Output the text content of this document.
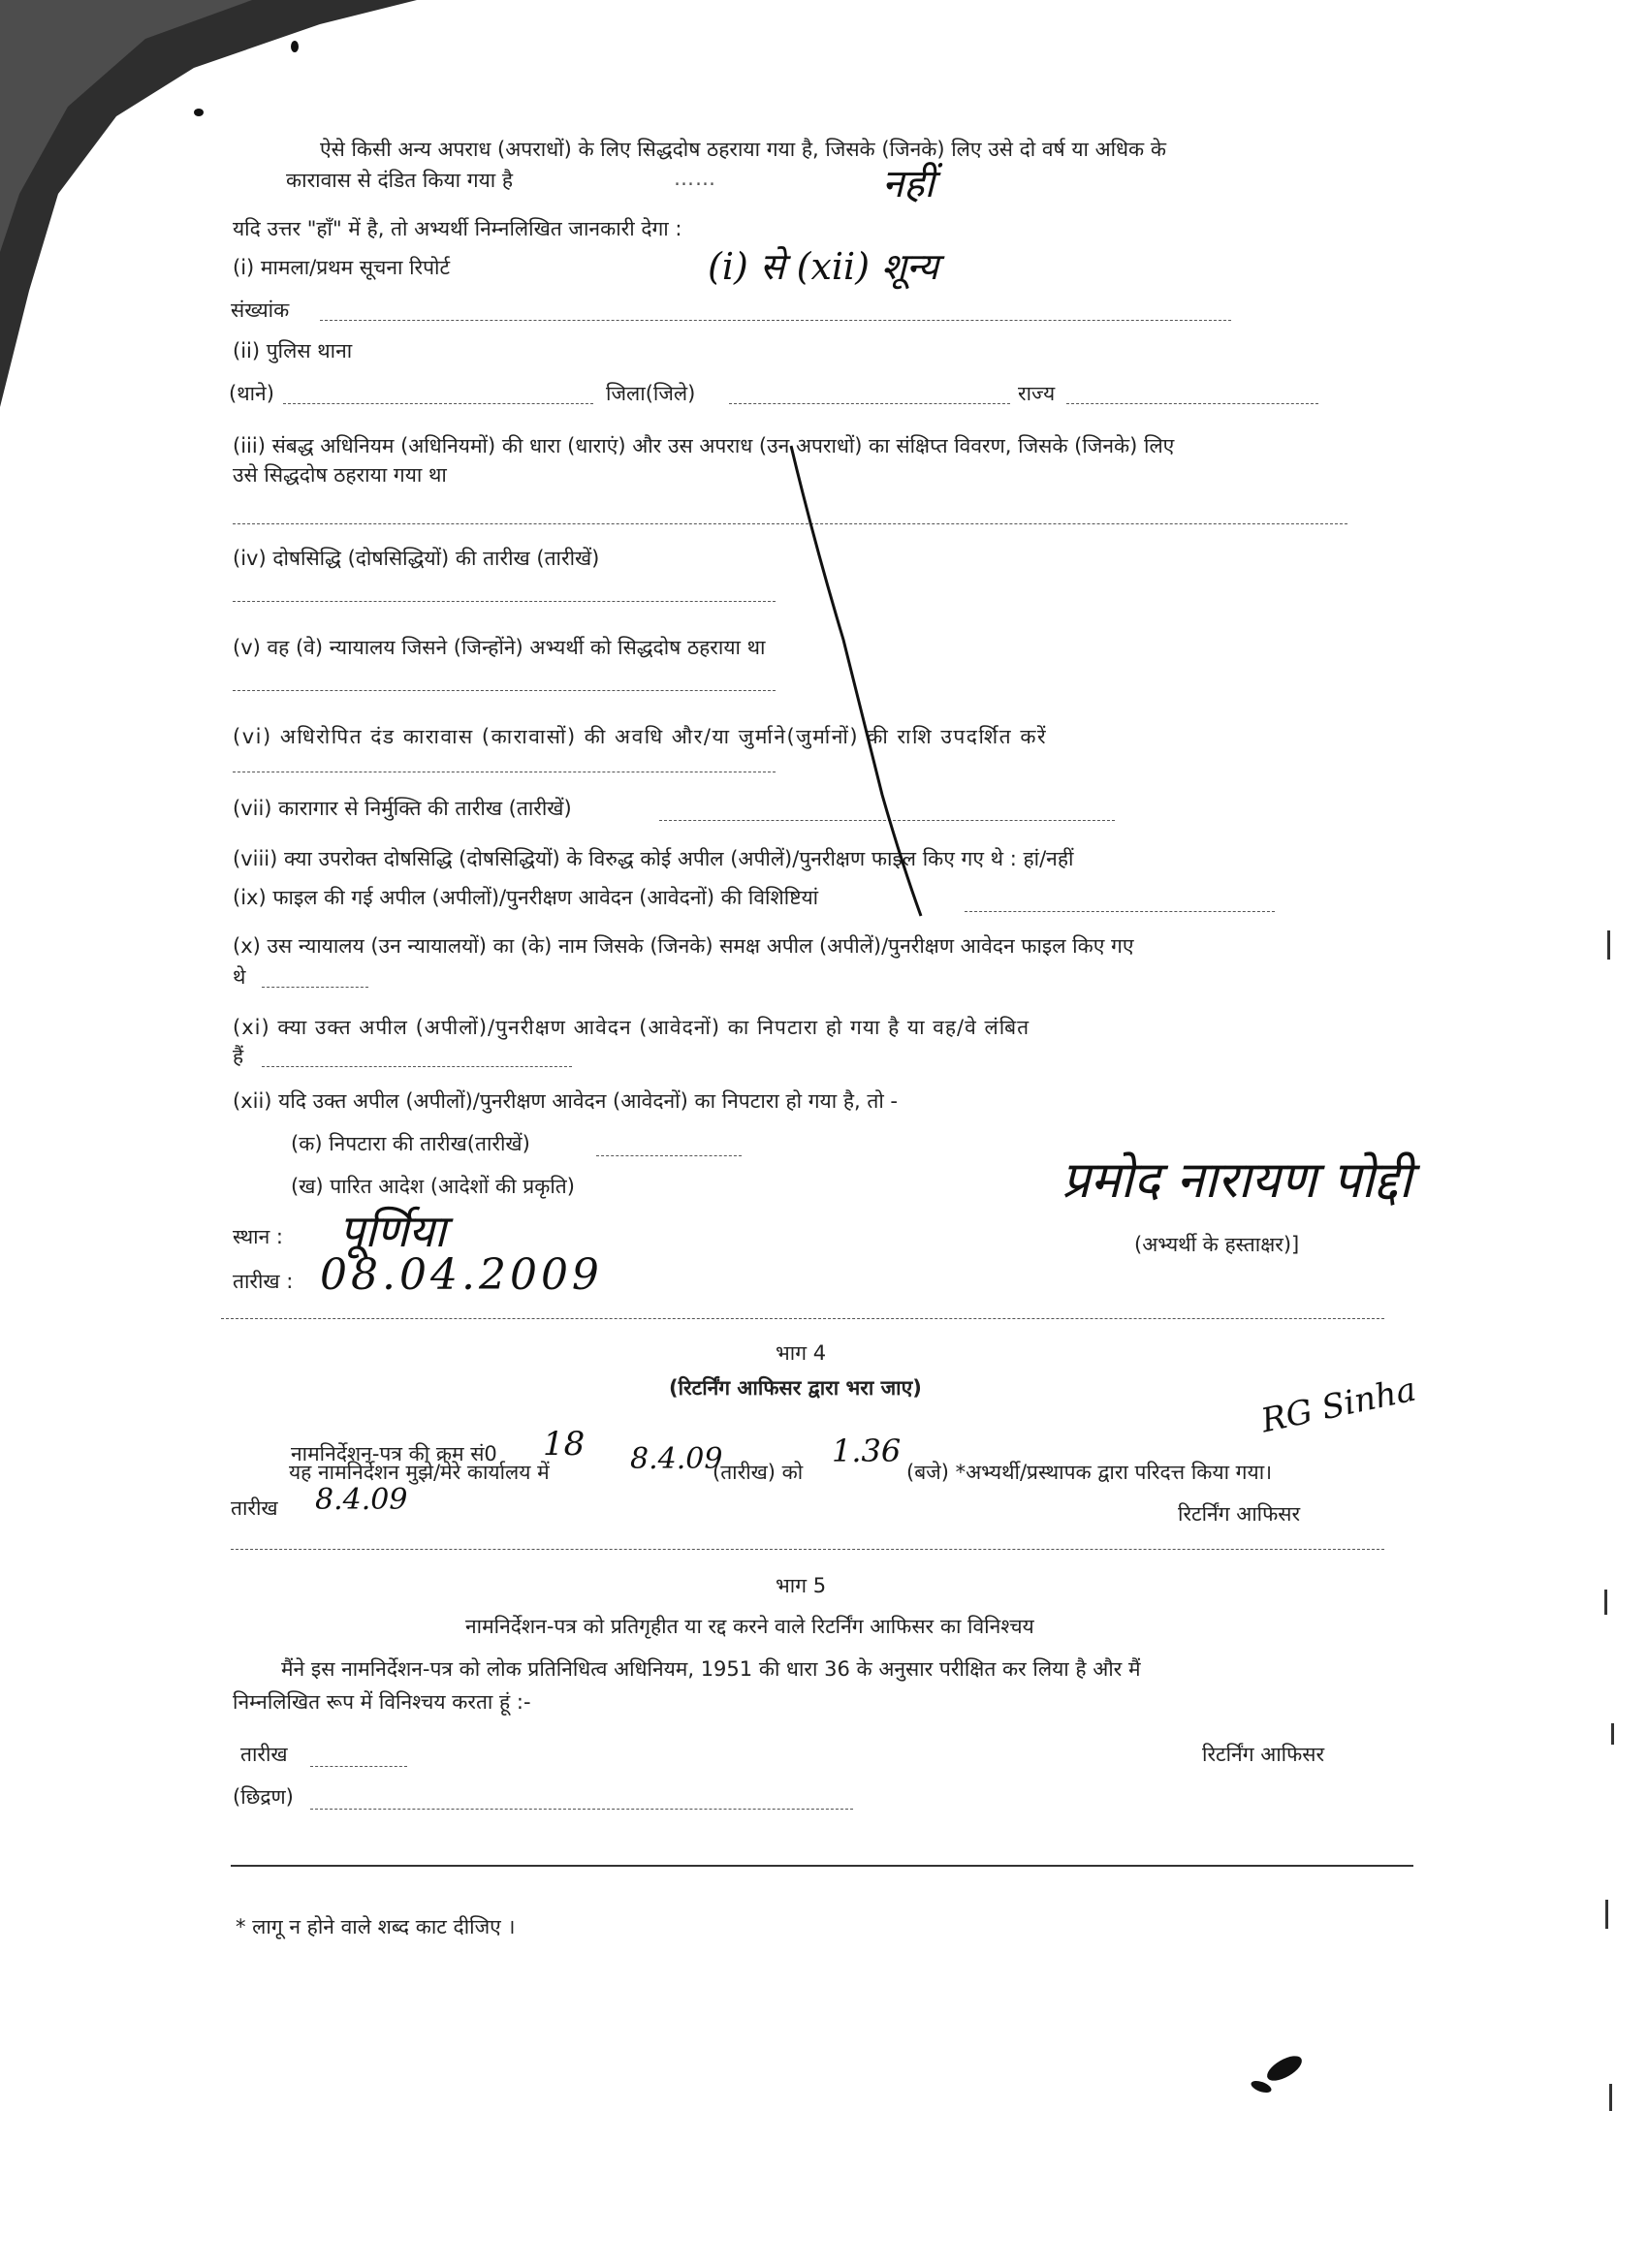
ऐसे किसी अन्य अपराध (अपराधों) के लिए सिद्धदोष ठहराया गया है, जिसके (जिनके) लिए उसे दो वर्ष या अधिक के
कारावास से दंडित किया गया है	……	नहीं
यदि उत्तर "हाँ" में है, तो अभ्यर्थी निम्नलिखित जानकारी देगा :
(i) मामला/प्रथम सूचना रिपोर्ट	(i) से (xii) शून्य
संख्यांक
(ii) पुलिस थाना
(थाने)	जिला(जिले)	राज्य
(iii) संबद्ध अधिनियम (अधिनियमों) की धारा (धाराएं) और उस अपराध (उन अपराधों) का संक्षिप्त विवरण, जिसके (जिनके) लिए
उसे सिद्धदोष ठहराया गया था
(iv) दोषसिद्धि (दोषसिद्धियों) की तारीख (तारीखें)
(v) वह (वे) न्यायालय जिसने (जिन्होंने) अभ्यर्थी को सिद्धदोष ठहराया था
(vi) अधिरोपित दंड कारावास (कारावासों) की अवधि और/या जुर्माने(जुर्मानों) की राशि उपदर्शित करें
(vii) कारागार से निर्मुक्ति की तारीख (तारीखें)
(viii) क्या उपरोक्त दोषसिद्धि (दोषसिद्धियों) के विरुद्ध कोई अपील (अपीलें)/पुनरीक्षण फाइल किए गए थे : हां/नहीं
(ix) फाइल की गई अपील (अपीलों)/पुनरीक्षण आवेदन (आवेदनों) की विशिष्टियां
(x) उस न्यायालय (उन न्यायालयों) का (के) नाम जिसके (जिनके) समक्ष अपील (अपीलें)/पुनरीक्षण आवेदन फाइल किए गए
थे
(xi) क्या उक्त अपील (अपीलों)/पुनरीक्षण आवेदन (आवेदनों) का निपटारा हो गया है या वह/वे लंबित
हैं
(xii) यदि उक्त अपील (अपीलों)/पुनरीक्षण आवेदन (आवेदनों) का निपटारा हो गया है, तो -
(क) निपटारा की तारीख(तारीखें)
(ख) पारित आदेश (आदेशों की प्रकृति)
स्थान : पूर्णिया
तारीख : 08.04.2009
प्रमोद नारायण पोद्दी
(अभ्यर्थी के हस्ताक्षर)]
भाग 4
(रिटर्निंग आफिसर द्वारा भरा जाए)
नामनिर्देशन-पत्र की क्रम सं0 18
यह नामनिर्देशन मुझे/मेरे कार्यालय में	8.4.09
(तारीख) को
1.36
(बजे) *अभ्यर्थी/प्रस्थापक द्वारा परिदत्त किया गया।
तारीख 8.4.09
RG Sinha
रिटर्निंग आफिसर
भाग 5
नामनिर्देशन-पत्र को प्रतिगृहीत या रद्द करने वाले रिटर्निंग आफिसर का विनिश्चय
मैंने इस नामनिर्देशन-पत्र को लोक प्रतिनिधित्व अधिनियम, 1951 की धारा 36 के अनुसार परीक्षित कर लिया है और मैं
निम्नलिखित रूप में विनिश्चय करता हूं :-
तारीख	रिटर्निंग आफिसर
(छिद्रण)
* लागू न होने वाले शब्द काट दीजिए ।
